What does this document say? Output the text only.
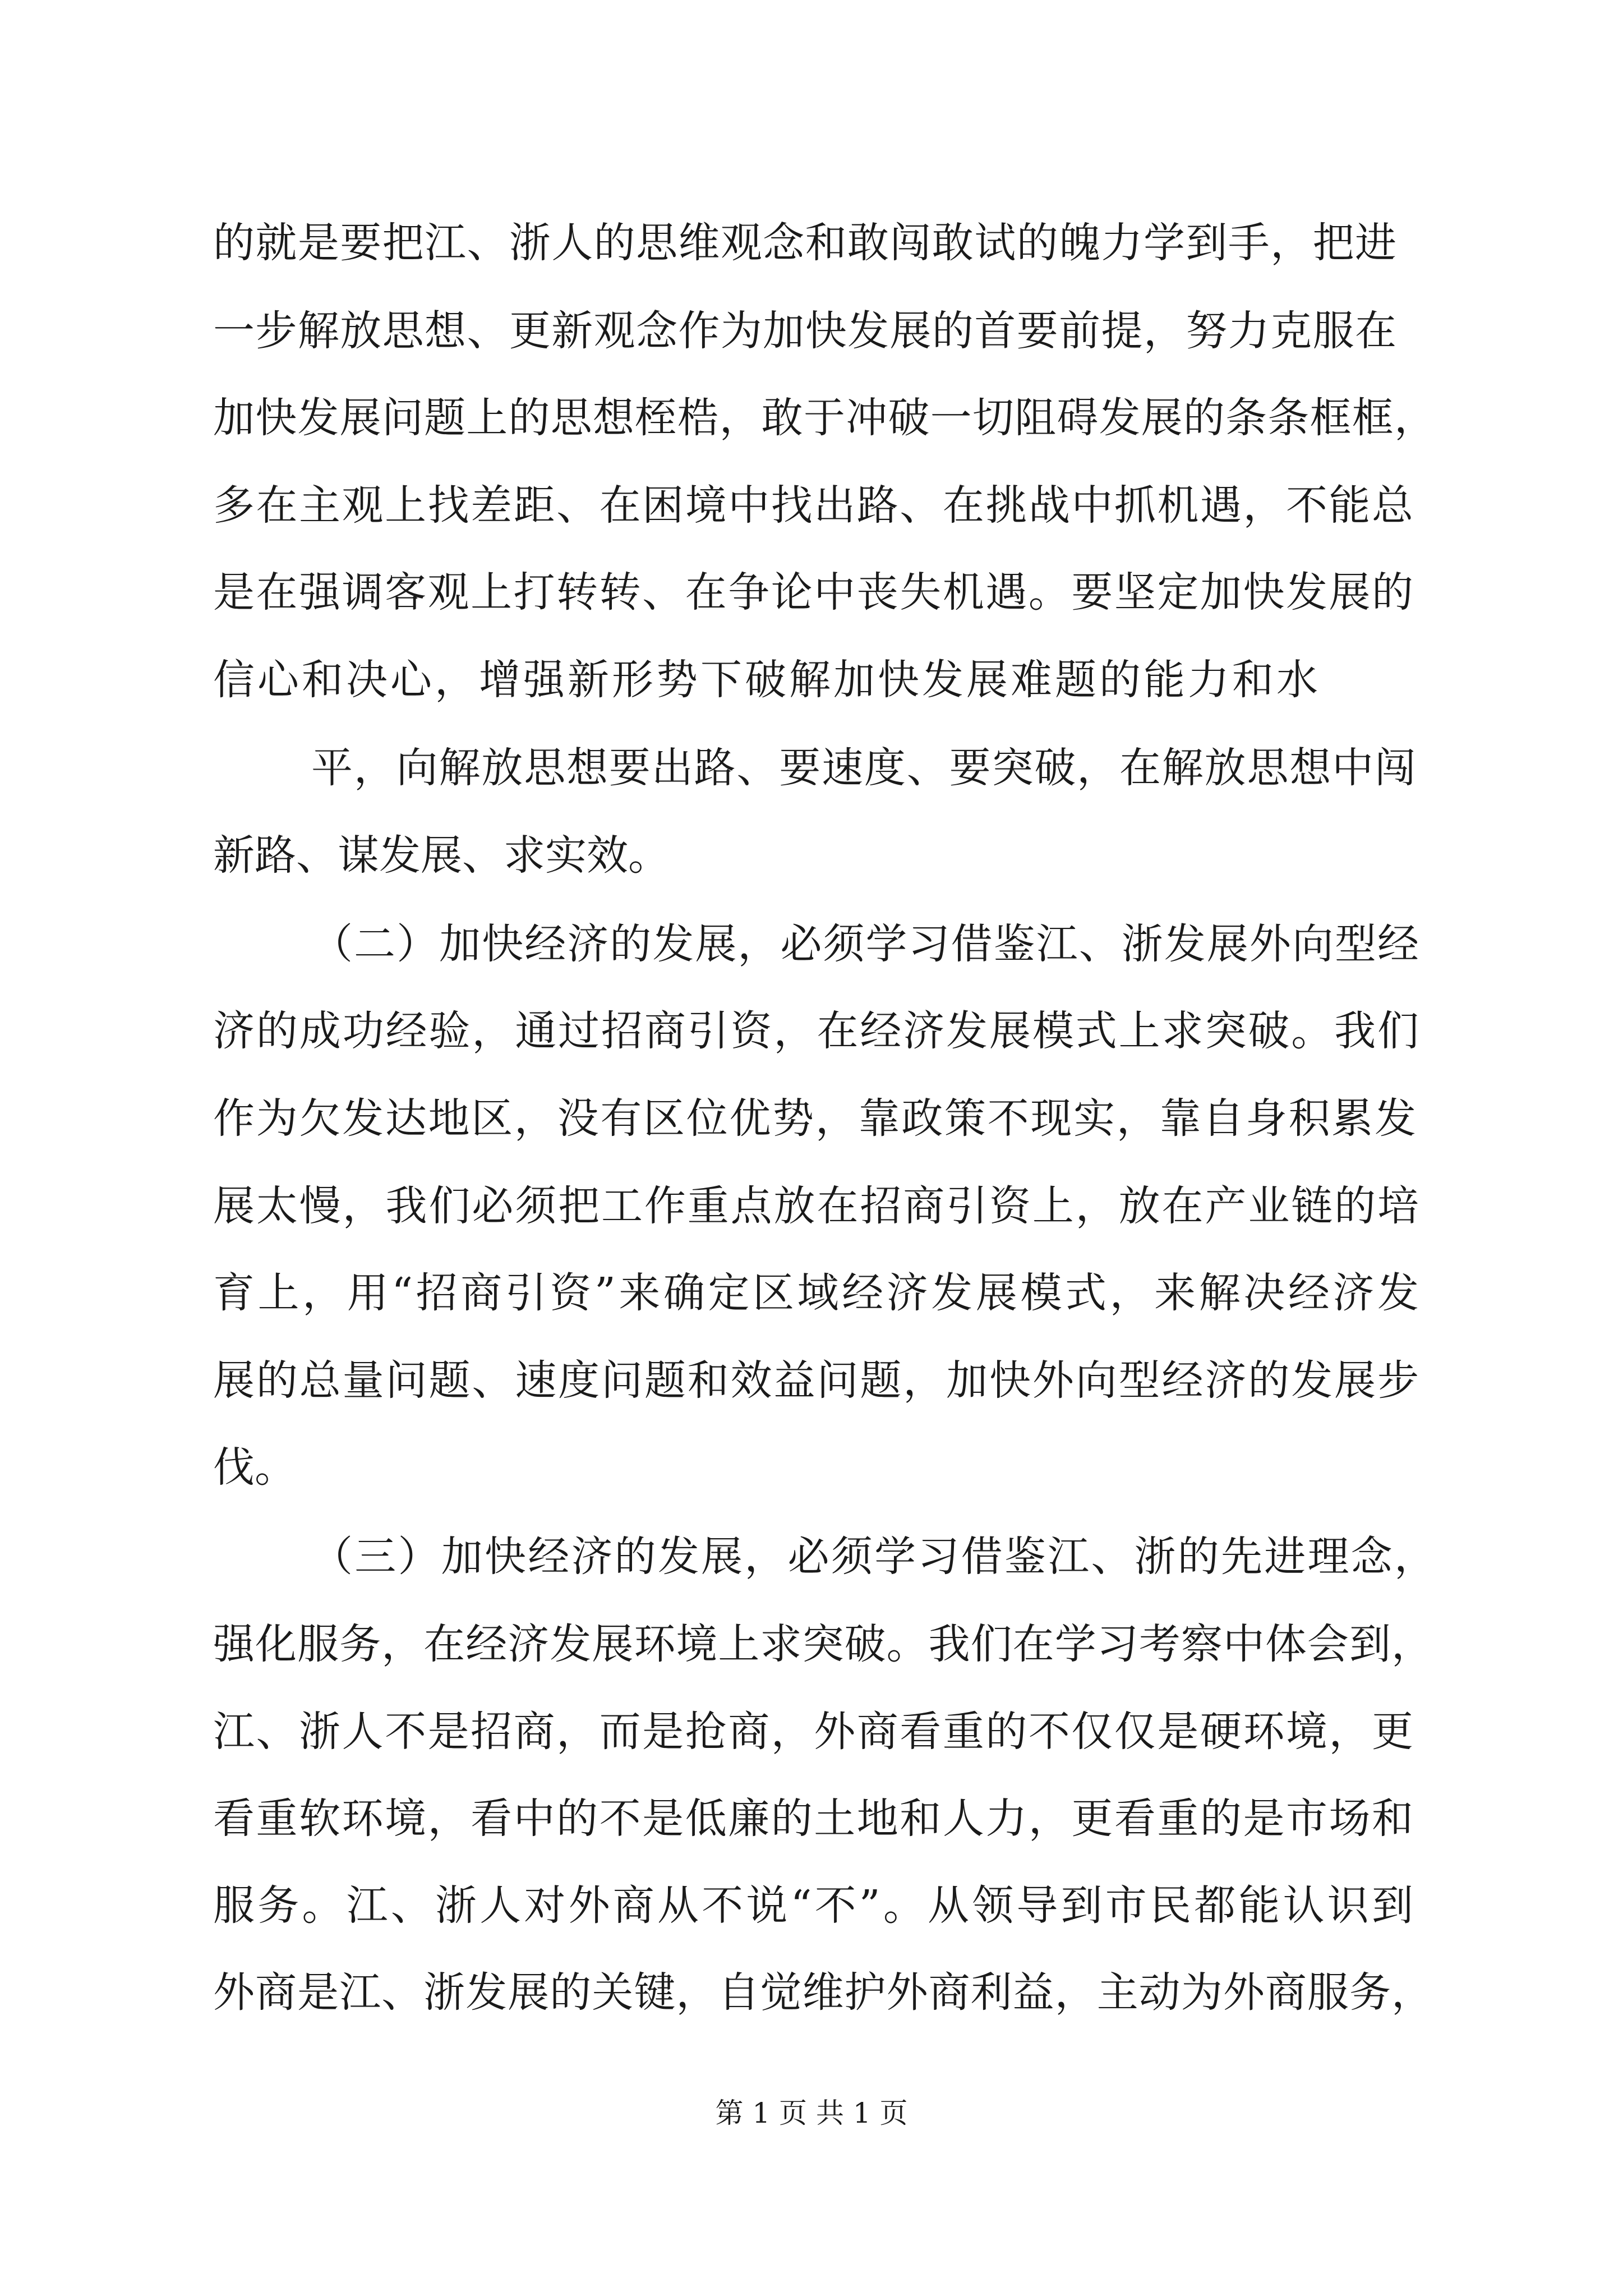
的就是要把江、浙人的思维观念和敢闯敢试的魄力学到手，把进
一步解放思想、更新观念作为加快发展的首要前提，努力克服在
加快发展问题上的思想桎梏，敢于冲破一切阻碍发展的条条框框，
多在主观上找差距、在困境中找出路、在挑战中抓机遇，不能总
是在强调客观上打转转、在争论中丧失机遇。要坚定加快发展的
信心和决心，增强新形势下破解加快发展难题的能力和水
平，向解放思想要出路、要速度、要突破，在解放思想中闯
新路、谋发展、求实效。
（二）加快经济的发展，必须学习借鉴江、浙发展外向型经
济的成功经验，通过招商引资，在经济发展模式上求突破。我们
作为欠发达地区，没有区位优势，靠政策不现实，靠自身积累发
展太慢，我们必须把工作重点放在招商引资上，放在产业链的培
育上，用“招商引资”来确定区域经济发展模式，来解决经济发
展的总量问题、速度问题和效益问题，加快外向型经济的发展步
伐。
（三）加快经济的发展，必须学习借鉴江、浙的先进理念，
强化服务，在经济发展环境上求突破。我们在学习考察中体会到，
江、浙人不是招商，而是抢商，外商看重的不仅仅是硬环境，更
看重软环境，看中的不是低廉的土地和人力，更看重的是市场和
服务。江、浙人对外商从不说“不”。从领导到市民都能认识到
外商是江、浙发展的关键，自觉维护外商利益，主动为外商服务，
第 1 页 共 1 页
